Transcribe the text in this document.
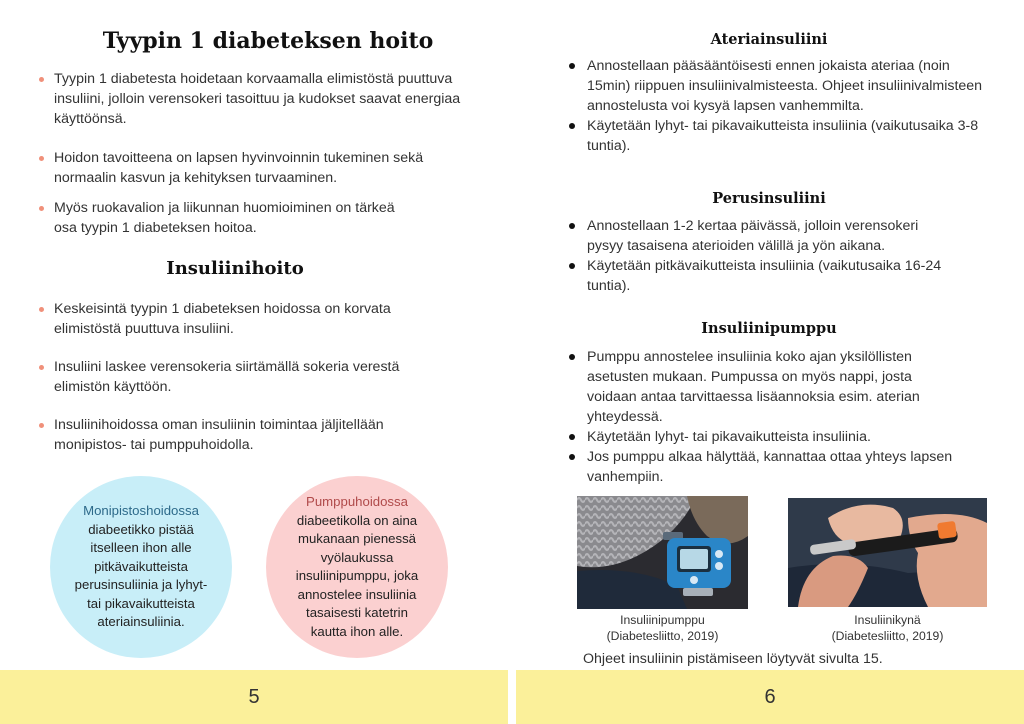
Tyypin 1 diabeteksen hoito
Tyypin 1 diabetesta hoidetaan korvaamalla elimistöstä puuttuva insuliini, jolloin verensokeri tasoittuu ja kudokset saavat energiaa käyttöönsä.
Hoidon tavoitteena on lapsen hyvinvoinnin tukeminen sekä normaalin kasvun ja kehityksen turvaaminen.
Myös ruokavalion ja liikunnan huomioiminen on tärkeä osa tyypin 1 diabeteksen hoitoa.
Insuliinihoito
Keskeisintä tyypin 1 diabeteksen hoidossa on korvata elimistöstä puuttuva insuliini.
Insuliini laskee verensokeria siirtämällä sokeria verestä elimistön käyttöön.
Insuliinihoidossa oman insuliinin toimintaa jäljitellään monipistos- tai pumppuhoidolla.
Monipistoshoidossa
diabeetikko pistää
itselleen ihon alle
pitkävaikutteista
perusinsuliinia ja lyhyt-
tai pikavaikutteista
ateriainsuliinia.
Pumppuhoidossa
diabeetikolla on aina
mukanaan pienessä
vyölaukussa
insuliinipumppu, joka
annostelee insuliinia
tasaisesti katetrin
kautta ihon alle.
5
Ateriainsuliini
Annostellaan pääsääntöisesti ennen jokaista ateriaa (noin 15min) riippuen insuliinivalmisteesta. Ohjeet insuliinivalmisteen annostelusta voi kysyä lapsen vanhemmilta.
Käytetään lyhyt- tai pikavaikutteista insuliinia (vaikutusaika 3-8 tuntia).
Perusinsuliini
Annostellaan 1-2 kertaa päivässä, jolloin verensokeri pysyy tasaisena aterioiden välillä ja yön aikana.
Käytetään pitkävaikutteista insuliinia (vaikutusaika 16-24 tuntia).
Insuliinipumppu
Pumppu annostelee insuliinia koko ajan yksilöllisten asetusten mukaan. Pumpussa on myös nappi, josta voidaan antaa tarvittaessa lisäannoksia esim. aterian yhteydessä.
Käytetään lyhyt- tai pikavaikutteista insuliinia.
Jos pumppu alkaa hälyttää, kannattaa ottaa yhteys lapsen vanhempiin.
Insuliinipumppu
(Diabetesliitto, 2019)
Insuliinikynä
(Diabetesliitto, 2019)
Ohjeet insuliinin pistämiseen löytyvät sivulta 15.
6
